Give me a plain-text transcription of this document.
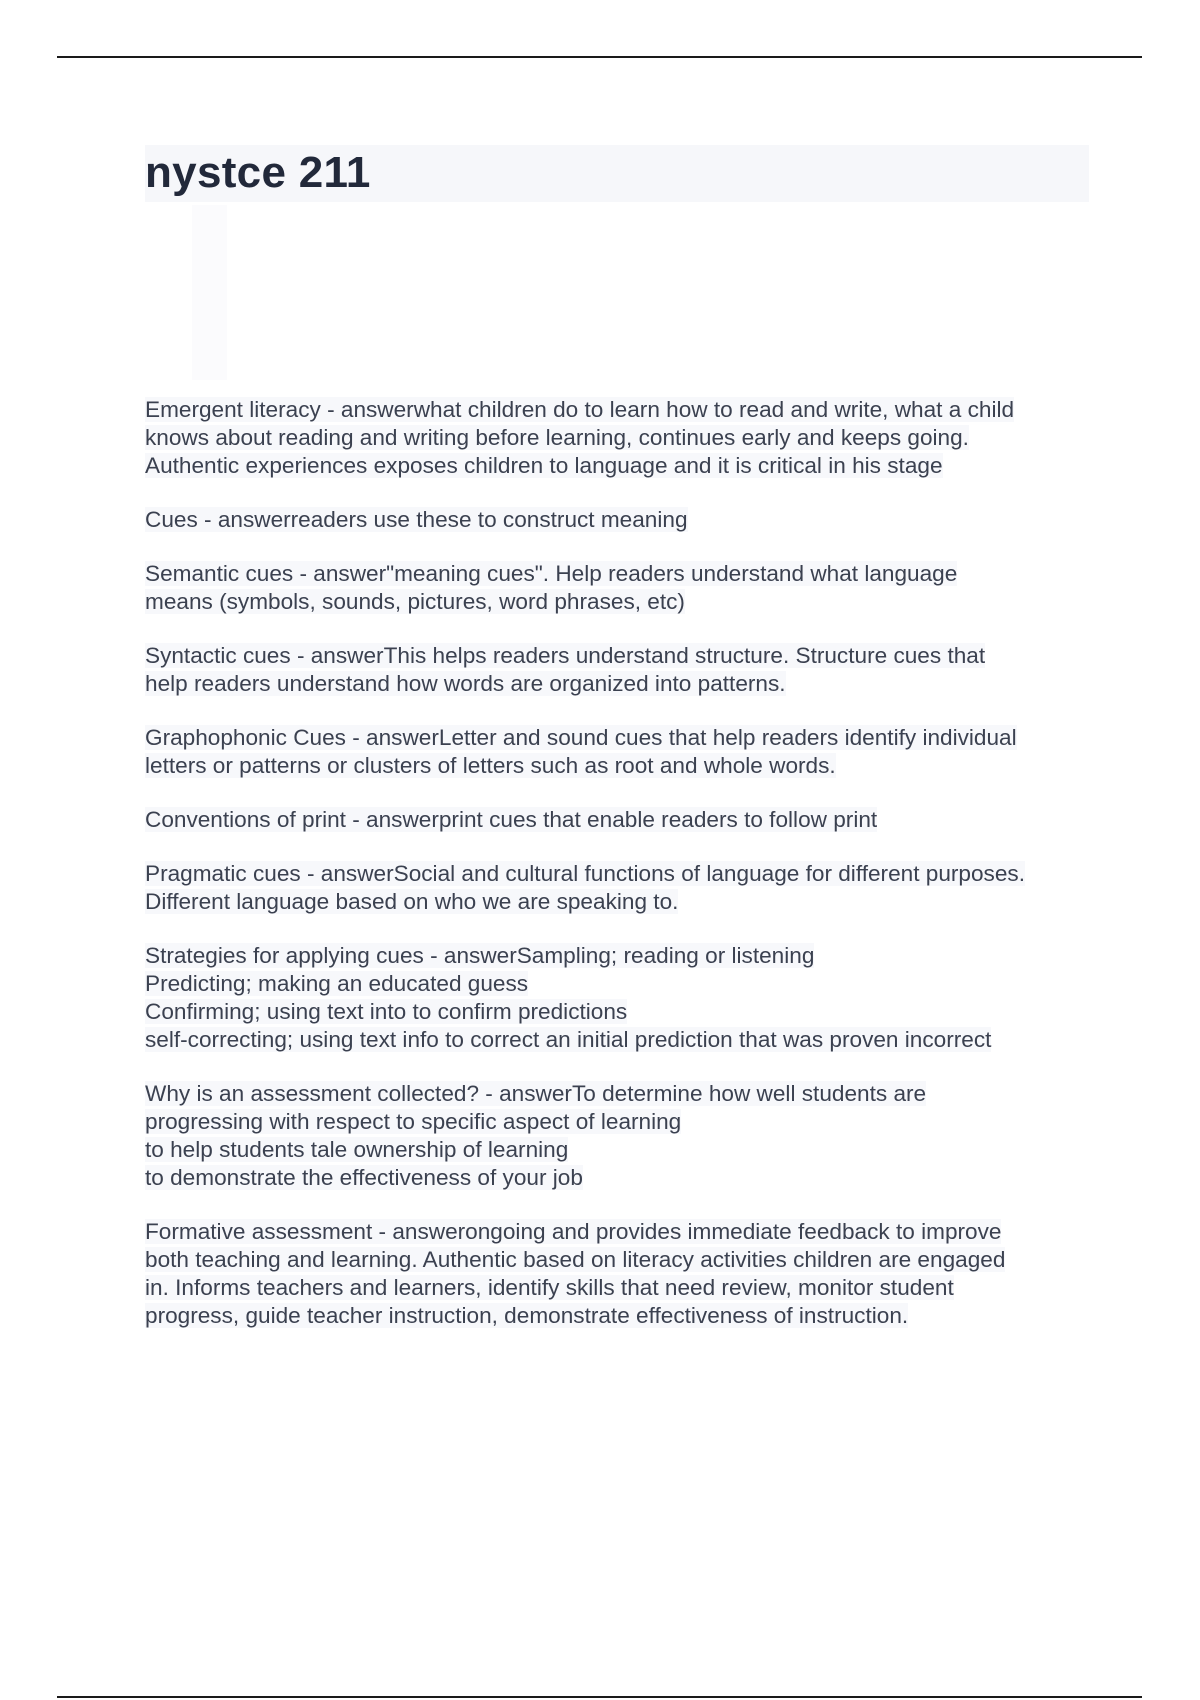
nystce 211

Emergent literacy - answerwhat children do to learn how to read and write, what a child
knows about reading and writing before learning, continues early and keeps going.
Authentic experiences exposes children to language and it is critical in his stage

Cues - answerreaders use these to construct meaning

Semantic cues - answer"meaning cues". Help readers understand what language
means (symbols, sounds, pictures, word phrases, etc)

Syntactic cues - answerThis helps readers understand structure. Structure cues that
help readers understand how words are organized into patterns.

Graphophonic Cues - answerLetter and sound cues that help readers identify individual
letters or patterns or clusters of letters such as root and whole words.

Conventions of print - answerprint cues that enable readers to follow print

Pragmatic cues - answerSocial and cultural functions of language for different purposes.
Different language based on who we are speaking to.

Strategies for applying cues - answerSampling; reading or listening
Predicting; making an educated guess
Confirming; using text into to confirm predictions
self-correcting; using text info to correct an initial prediction that was proven incorrect

Why is an assessment collected? - answerTo determine how well students are
progressing with respect to specific aspect of learning
to help students tale ownership of learning
to demonstrate the effectiveness of your job

Formative assessment - answerongoing and provides immediate feedback to improve
both teaching and learning. Authentic based on literacy activities children are engaged
in. Informs teachers and learners, identify skills that need review, monitor student
progress, guide teacher instruction, demonstrate effectiveness of instruction.
